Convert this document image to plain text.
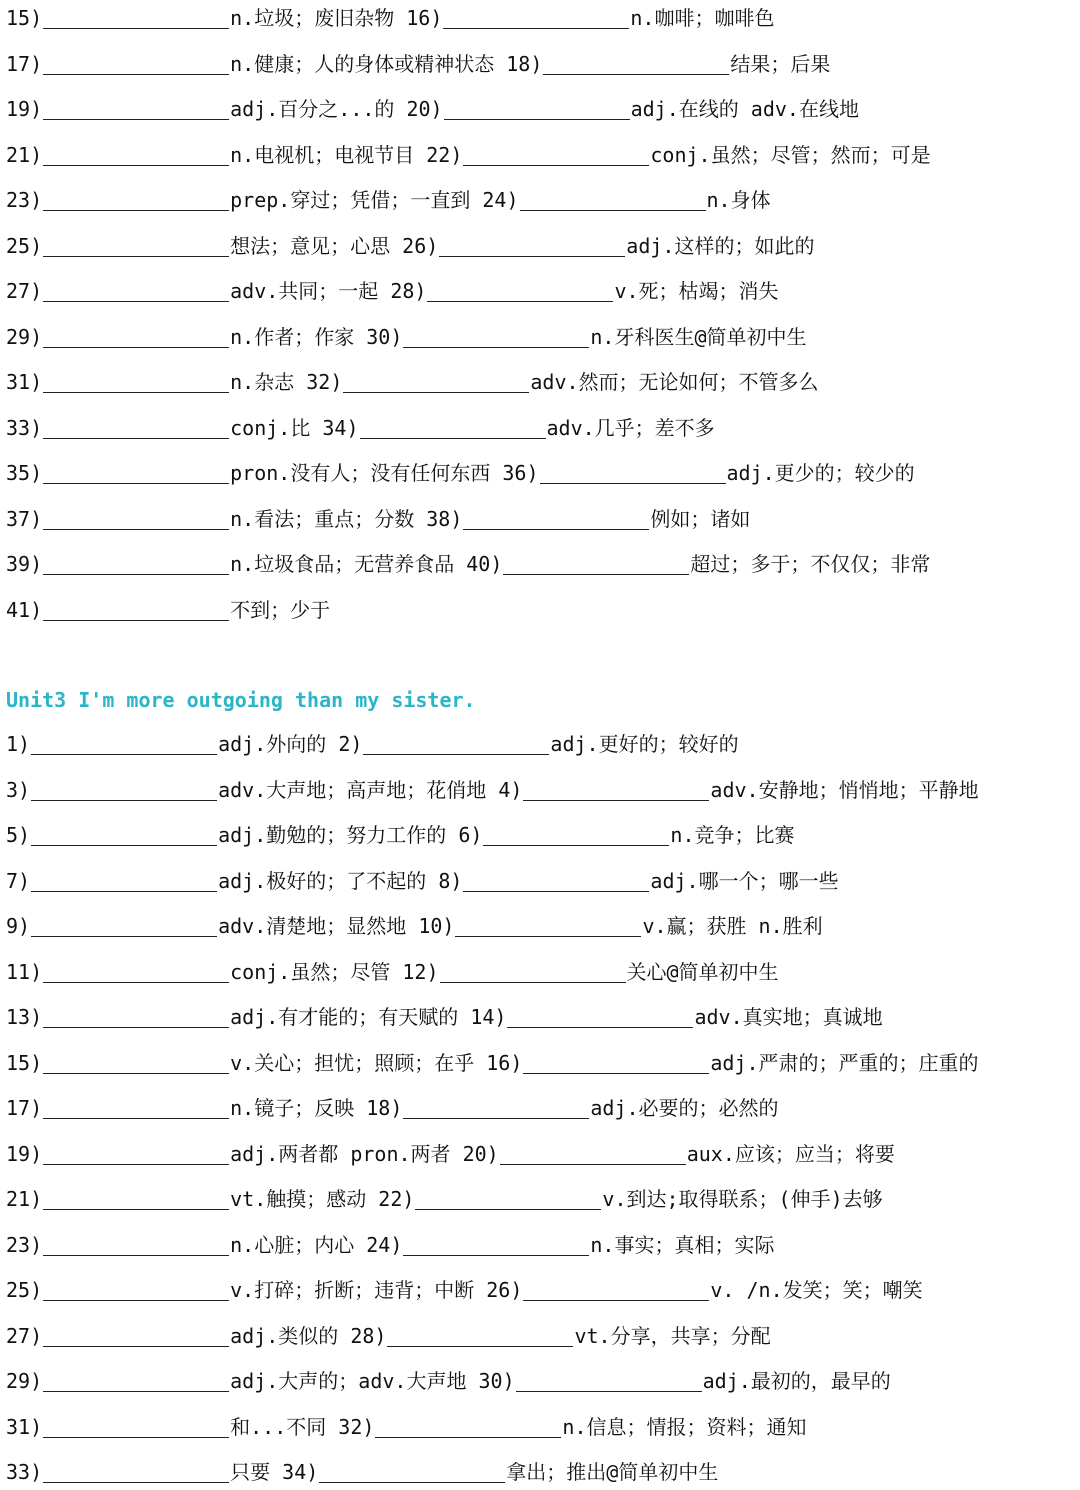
15)	n.垃圾；废旧杂物 16)	n.咖啡；咖啡色
17)	n.健康；人的身体或精神状态 18)	结果；后果
19)	adj.百分之...的 20)	adj.在线的 adv.在线地
21)	n.电视机；电视节目 22)	conj.虽然；尽管；然而；可是
23)	prep.穿过；凭借；一直到 24)	n.身体
25)	想法；意见；心思 26)	adj.这样的；如此的
27)	adv.共同；一起 28)	v.死；枯竭；消失
29)	n.作者；作家 30)	n.牙科医生@简单初中生
31)	n.杂志 32)	adv.然而；无论如何；不管多么
33)	conj.比 34)	adv.几乎；差不多
35)	pron.没有人；没有任何东西 36)	adj.更少的；较少的
37)	n.看法；重点；分数 38)	例如；诸如
39)	n.垃圾食品；无营养食品 40)	超过；多于；不仅仅；非常
41)	不到；少于
Unit3 I'm more outgoing than my sister.
1)	adj.外向的 2)	adj.更好的；较好的
3)	adv.大声地；高声地；花俏地 4)	adv.安静地；悄悄地；平静地
5)	adj.勤勉的；努力工作的 6)	n.竞争；比赛
7)	adj.极好的；了不起的 8)	adj.哪一个；哪一些
9)	adv.清楚地；显然地 10)	v.赢；获胜 n.胜利
11)	conj.虽然；尽管 12)	关心@简单初中生
13)	adj.有才能的；有天赋的 14)	adv.真实地；真诚地
15)	v.关心；担忧；照顾；在乎 16)	adj.严肃的；严重的；庄重的
17)	n.镜子；反映 18)	adj.必要的；必然的
19)	adj.两者都 pron.两者 20)	aux.应该；应当；将要
21)	vt.触摸；感动 22)	v.到达;取得联系；(伸手)去够
23)	n.心脏；内心 24)	n.事实；真相；实际
25)	v.打碎；折断；违背；中断 26)	v. /n.发笑；笑；嘲笑
27)	adj.类似的 28)	vt.分享，共享；分配
29)	adj.大声的；adv.大声地 30)	adj.最初的，最早的
31)	和...不同 32)	n.信息；情报；资料；通知
33)	只要 34)	拿出；推出@简单初中生
